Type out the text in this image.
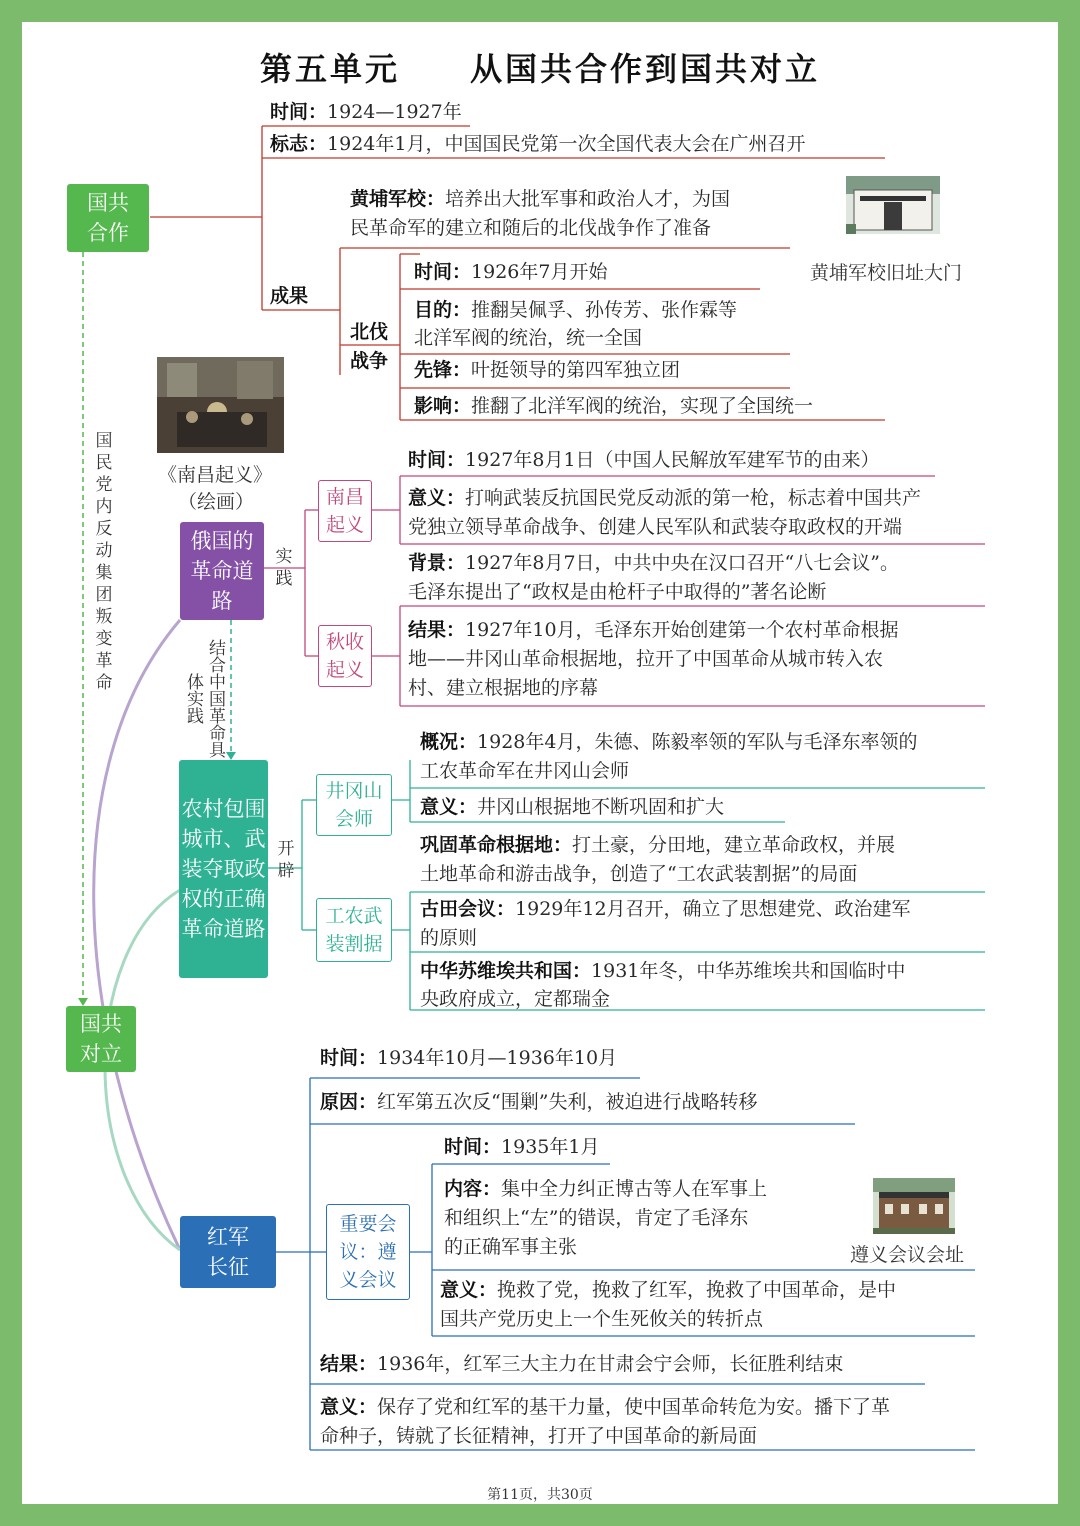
第五单元　　从国共合作到国共对立
国共合作
国共对立
俄国的革命道路
农村包围城市、武装夺取政权的正确革命道路
红军长征
南昌起义
秋收起义
井冈山会师
工农武装割据
重要会议：遵义会议
成果
北伐战争
国民党内反动集团叛变革命	结合中国革命具体实践
实践
开辟
时间：1924—1927年
标志：1924年1月，中国国民党第一次全国代表大会在广州召开
黄埔军校：培养出大批军事和政治人才，为国
民革命军的建立和随后的北伐战争作了准备
时间：1926年7月开始
目的：推翻吴佩孚、孙传芳、张作霖等
北洋军阀的统治，统一全国
先锋：叶挺领导的第四军独立团
影响：推翻了北洋军阀的统治，实现了全国统一
黄埔军校旧址大门
《南昌起义》
（绘画）
遵义会议会址
时间：1927年8月1日（中国人民解放军建军节的由来）
意义：打响武装反抗国民党反动派的第一枪，标志着中国共产
党独立领导革命战争、创建人民军队和武装夺取政权的开端
背景：1927年8月7日，中共中央在汉口召开“八七会议”。
毛泽东提出了“政权是由枪杆子中取得的”著名论断
结果：1927年10月，毛泽东开始创建第一个农村革命根据
地——井冈山革命根据地，拉开了中国革命从城市转入农
村、建立根据地的序幕
概况：1928年4月，朱德、陈毅率领的军队与毛泽东率领的
工农革命军在井冈山会师
意义：井冈山根据地不断巩固和扩大
巩固革命根据地：打土豪，分田地，建立革命政权，并展
土地革命和游击战争，创造了“工农武装割据”的局面
古田会议：1929年12月召开，确立了思想建党、政治建军
的原则
中华苏维埃共和国：1931年冬，中华苏维埃共和国临时中
央政府成立，定都瑞金
时间：1934年10月—1936年10月
原因：红军第五次反“围剿”失利，被迫进行战略转移
时间：1935年1月
内容：集中全力纠正博古等人在军事上
和组织上“左”的错误，肯定了毛泽东
的正确军事主张
意义：挽救了党，挽救了红军，挽救了中国革命，是中
国共产党历史上一个生死攸关的转折点
结果：1936年，红军三大主力在甘肃会宁会师，长征胜利结束
意义：保存了党和红军的基干力量，使中国革命转危为安。播下了革
命种子，铸就了长征精神，打开了中国革命的新局面
第11页，共30页
